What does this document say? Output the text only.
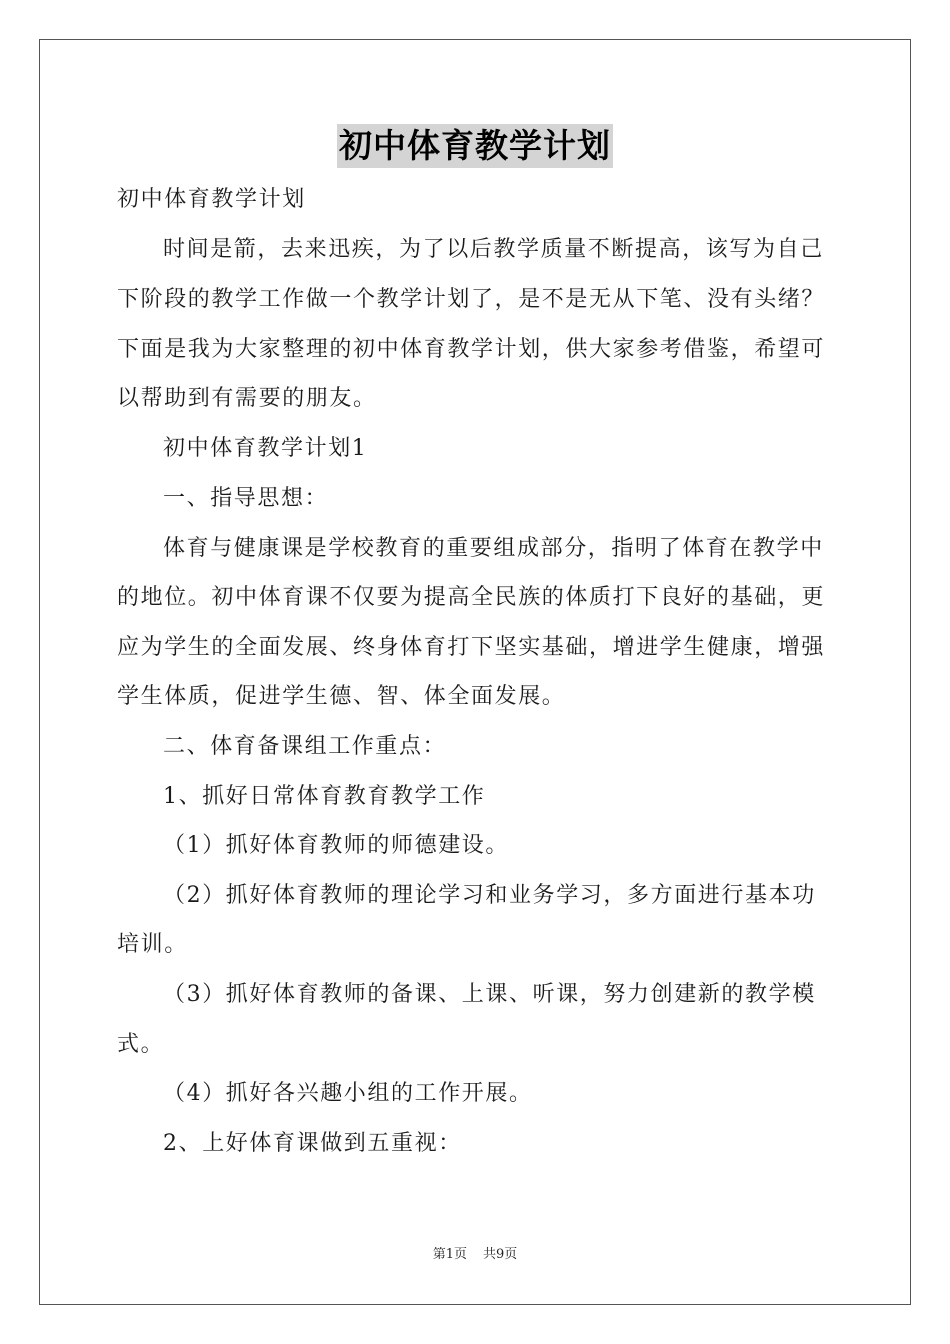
初中体育教学计划
初中体育教学计划
时间是箭，去来迅疾，为了以后教学质量不断提高，该写为自己
下阶段的教学工作做一个教学计划了，是不是无从下笔、没有头绪？
下面是我为大家整理的初中体育教学计划，供大家参考借鉴，希望可
以帮助到有需要的朋友。
初中体育教学计划1
一、指导思想：
体育与健康课是学校教育的重要组成部分，指明了体育在教学中
的地位。初中体育课不仅要为提高全民族的体质打下良好的基础，更
应为学生的全面发展、终身体育打下坚实基础，增进学生健康，增强
学生体质，促进学生德、智、体全面发展。
二、体育备课组工作重点：
1、抓好日常体育教育教学工作
（1）抓好体育教师的师德建设。
（2）抓好体育教师的理论学习和业务学习，多方面进行基本功
培训。
（3）抓好体育教师的备课、上课、听课，努力创建新的教学模
式。
（4）抓好各兴趣小组的工作开展。
2、上好体育课做到五重视：
第1页 共9页
